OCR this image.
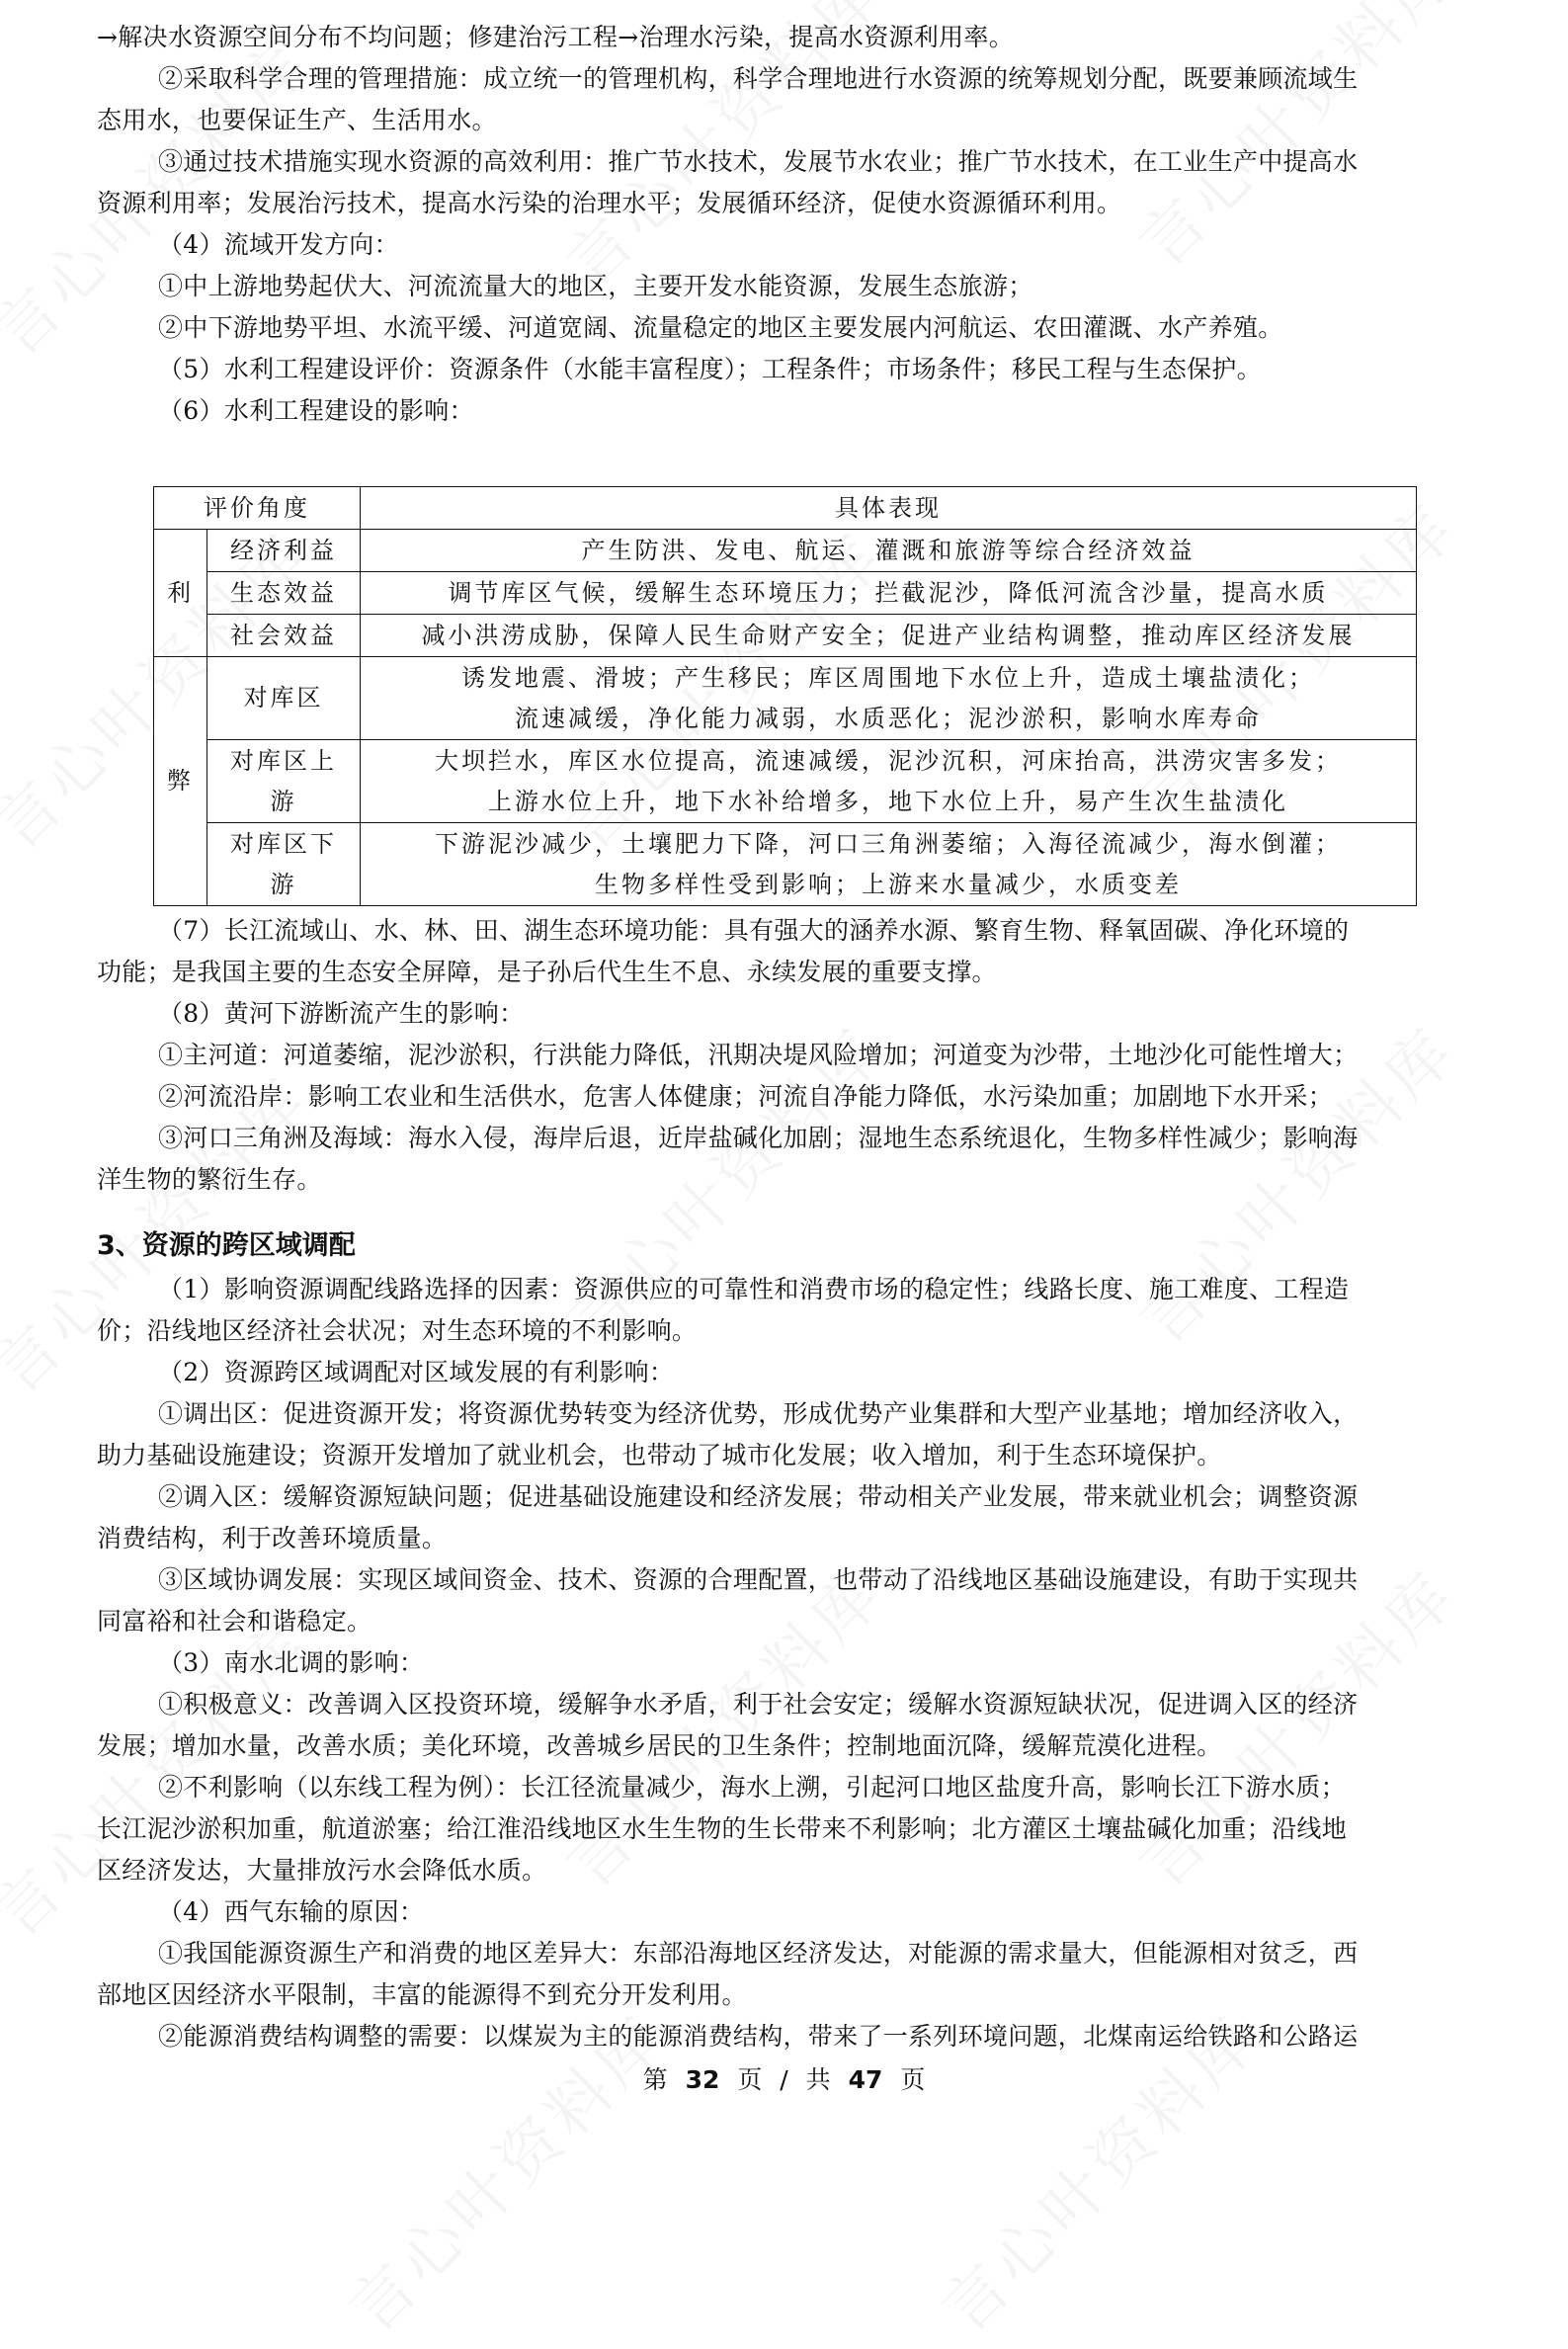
→解决水资源空间分布不均问题；修建治污工程→治理水污染，提高水资源利用率。
②采取科学合理的管理措施：成立统一的管理机构，科学合理地进行水资源的统筹规划分配，既要兼顾流域生
态用水，也要保证生产、生活用水。
③通过技术措施实现水资源的高效利用：推广节水技术，发展节水农业；推广节水技术，在工业生产中提高水
资源利用率；发展治污技术，提高水污染的治理水平；发展循环经济，促使水资源循环利用。
（4）流域开发方向：
①中上游地势起伏大、河流流量大的地区，主要开发水能资源，发展生态旅游；
②中下游地势平坦、水流平缓、河道宽阔、流量稳定的地区主要发展内河航运、农田灌溉、水产养殖。
（5）水利工程建设评价：资源条件（水能丰富程度）；工程条件；市场条件；移民工程与生态保护。
（6）水利工程建设的影响：
（7）长江流域山、水、林、田、湖生态环境功能：具有强大的涵养水源、繁育生物、释氧固碳、净化环境的
功能；是我国主要的生态安全屏障，是子孙后代生生不息、永续发展的重要支撑。
（8）黄河下游断流产生的影响：
①主河道：河道萎缩，泥沙淤积，行洪能力降低，汛期决堤风险增加；河道变为沙带，土地沙化可能性增大；
②河流沿岸：影响工农业和生活供水，危害人体健康；河流自净能力降低，水污染加重；加剧地下水开采；
③河口三角洲及海域：海水入侵，海岸后退，近岸盐碱化加剧；湿地生态系统退化，生物多样性减少；影响海
洋生物的繁衍生存。
3、资源的跨区域调配
（1）影响资源调配线路选择的因素：资源供应的可靠性和消费市场的稳定性；线路长度、施工难度、工程造
价；沿线地区经济社会状况；对生态环境的不利影响。
（2）资源跨区域调配对区域发展的有利影响：
①调出区：促进资源开发；将资源优势转变为经济优势，形成优势产业集群和大型产业基地；增加经济收入，
助力基础设施建设；资源开发增加了就业机会，也带动了城市化发展；收入增加，利于生态环境保护。
②调入区：缓解资源短缺问题；促进基础设施建设和经济发展；带动相关产业发展，带来就业机会；调整资源
消费结构，利于改善环境质量。
③区域协调发展：实现区域间资金、技术、资源的合理配置，也带动了沿线地区基础设施建设，有助于实现共
同富裕和社会和谐稳定。
（3）南水北调的影响：
①积极意义：改善调入区投资环境，缓解争水矛盾，利于社会安定；缓解水资源短缺状况，促进调入区的经济
发展；增加水量，改善水质；美化环境，改善城乡居民的卫生条件；控制地面沉降，缓解荒漠化进程。
②不利影响（以东线工程为例）：长江径流量减少，海水上溯，引起河口地区盐度升高，影响长江下游水质；
长江泥沙淤积加重，航道淤塞；给江淮沿线地区水生生物的生长带来不利影响；北方灌区土壤盐碱化加重；沿线地
区经济发达，大量排放污水会降低水质。
（4）西气东输的原因：
①我国能源资源生产和消费的地区差异大：东部沿海地区经济发达，对能源的需求量大，但能源相对贫乏，西
部地区因经济水平限制，丰富的能源得不到充分开发利用。
②能源消费结构调整的需要：以煤炭为主的能源消费结构，带来了一系列环境问题，北煤南运给铁路和公路运
评价角度		具体表现
利	经济利益	产生防洪、发电、航运、灌溉和旅游等综合经济效益
	生态效益	调节库区气候，缓解生态环境压力；拦截泥沙，降低河流含沙量，提高水质
	社会效益	减小洪涝成胁，保障人民生命财产安全；促进产业结构调整，推动库区经济发展
弊	对库区	诱发地震、滑坡；产生移民；库区周围地下水位上升，造成土壤盐渍化；
流速减缓，净化能力减弱，水质恶化；泥沙淤积，影响水库寿命

	对库区上游	大坝拦水，库区水位提高，流速减缓，泥沙沉积，河床抬高，洪涝灾害多发；
上游水位上升，地下水补给增多，地下水位上升，易产生次生盐渍化

	对库区下游	下游泥沙减少，土壤肥力下降，河口三角洲萎缩；入海径流减少，海水倒灌；
生物多样性受到影响；上游来水量减少，水质变差
第 32 页 / 共 47 页
